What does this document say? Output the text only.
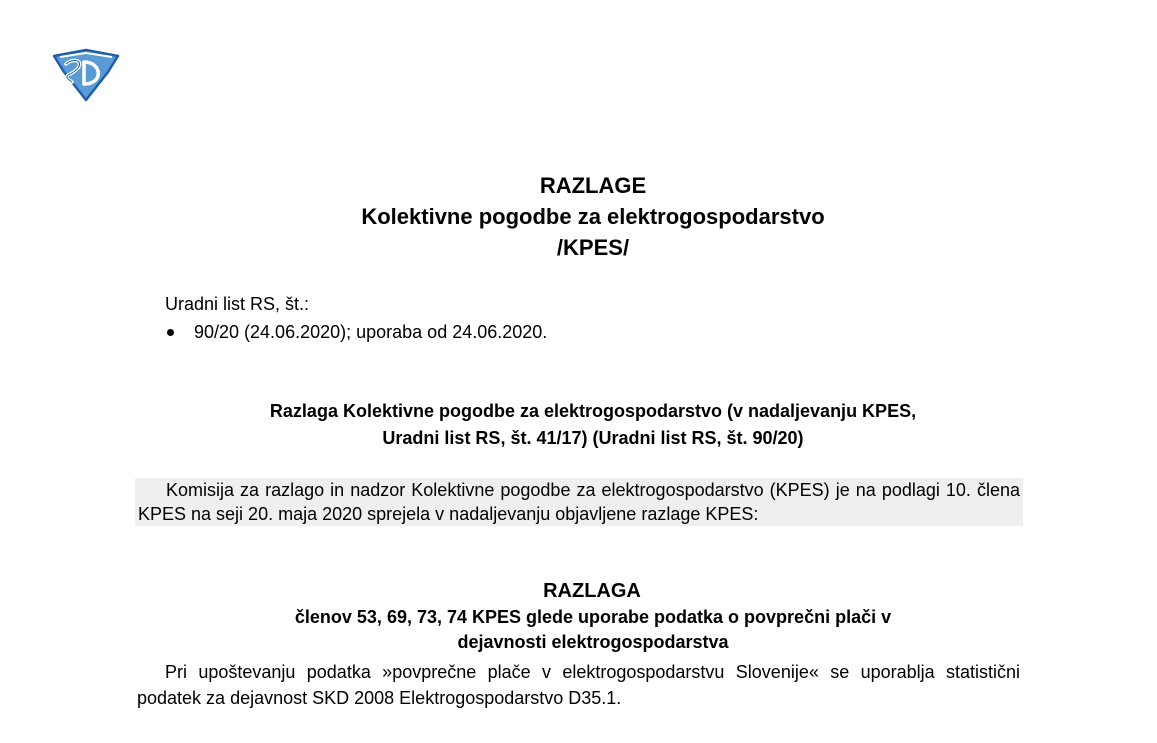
RAZLAGE
Kolektivne pogodbe za elektrogospodarstvo
/KPES/
Uradni list RS, št.:
90/20 (24.06.2020); uporaba od 24.06.2020.
Razlaga Kolektivne pogodbe za elektrogospodarstvo (v nadaljevanju KPES,
Uradni list RS, št. 41/17) (Uradni list RS, št. 90/20)
Komisija za razlago in nadzor Kolektivne pogodbe za elektrogospodarstvo (KPES) je na podlagi 10. člena KPES na seji 20. maja 2020 sprejela v nadaljevanju objavljene razlage KPES:
RAZLAGA
členov 53, 69, 73, 74 KPES glede uporabe podatka o povprečni plači v
dejavnosti elektrogospodarstva
Pri upoštevanju podatka »povprečne plače v elektrogospodarstvu Slovenije« se uporablja statistični podatek za dejavnost SKD 2008 Elektrogospodarstvo D35.1.
